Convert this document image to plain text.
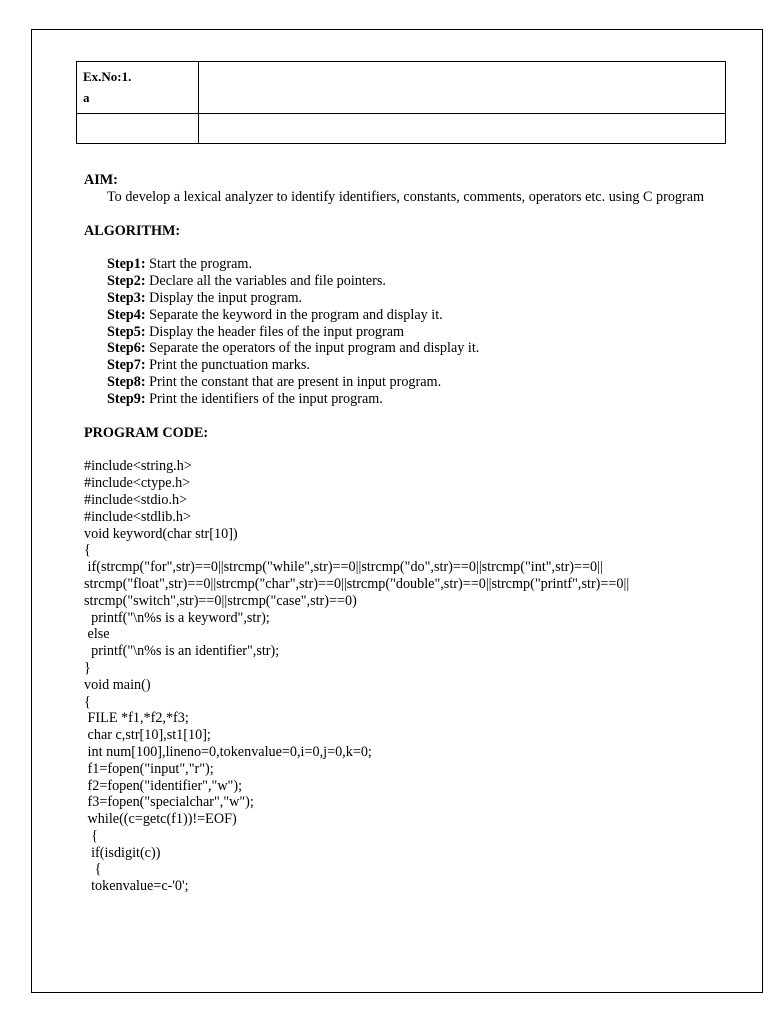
Ex.No:1.
a	

AIM:

To develop a lexical analyzer to identify identifiers, constants, comments, operators etc. using C program

ALGORITHM:
Step1: Start the program.
Step2: Declare all the variables and file pointers.
Step3: Display the input program.
Step4: Separate the keyword in the program and display it.
Step5: Display the header files of the input program
Step6: Separate the operators of the input program and display it.
Step7: Print the punctuation marks.
Step8: Print the constant that are present in input program.
Step9: Print the identifiers of the input program.
PROGRAM CODE:
#include<string.h>
#include<ctype.h>
#include<stdio.h>
#include<stdlib.h>
void keyword(char str[10])
{
if(strcmp("for",str)==0||strcmp("while",str)==0||strcmp("do",str)==0||strcmp("int",str)==0||
strcmp("float",str)==0||strcmp("char",str)==0||strcmp("double",str)==0||strcmp("printf",str)==0||
strcmp("switch",str)==0||strcmp("case",str)==0)
printf("\n%s is a keyword",str);
else
printf("\n%s is an identifier",str);
}
void main()
{
FILE *f1,*f2,*f3;
char c,str[10],st1[10];
int num[100],lineno=0,tokenvalue=0,i=0,j=0,k=0;
f1=fopen("input","r");
f2=fopen("identifier","w");
f3=fopen("specialchar","w");
while((c=getc(f1))!=EOF)
{
if(isdigit(c))
{
tokenvalue=c-'0';
